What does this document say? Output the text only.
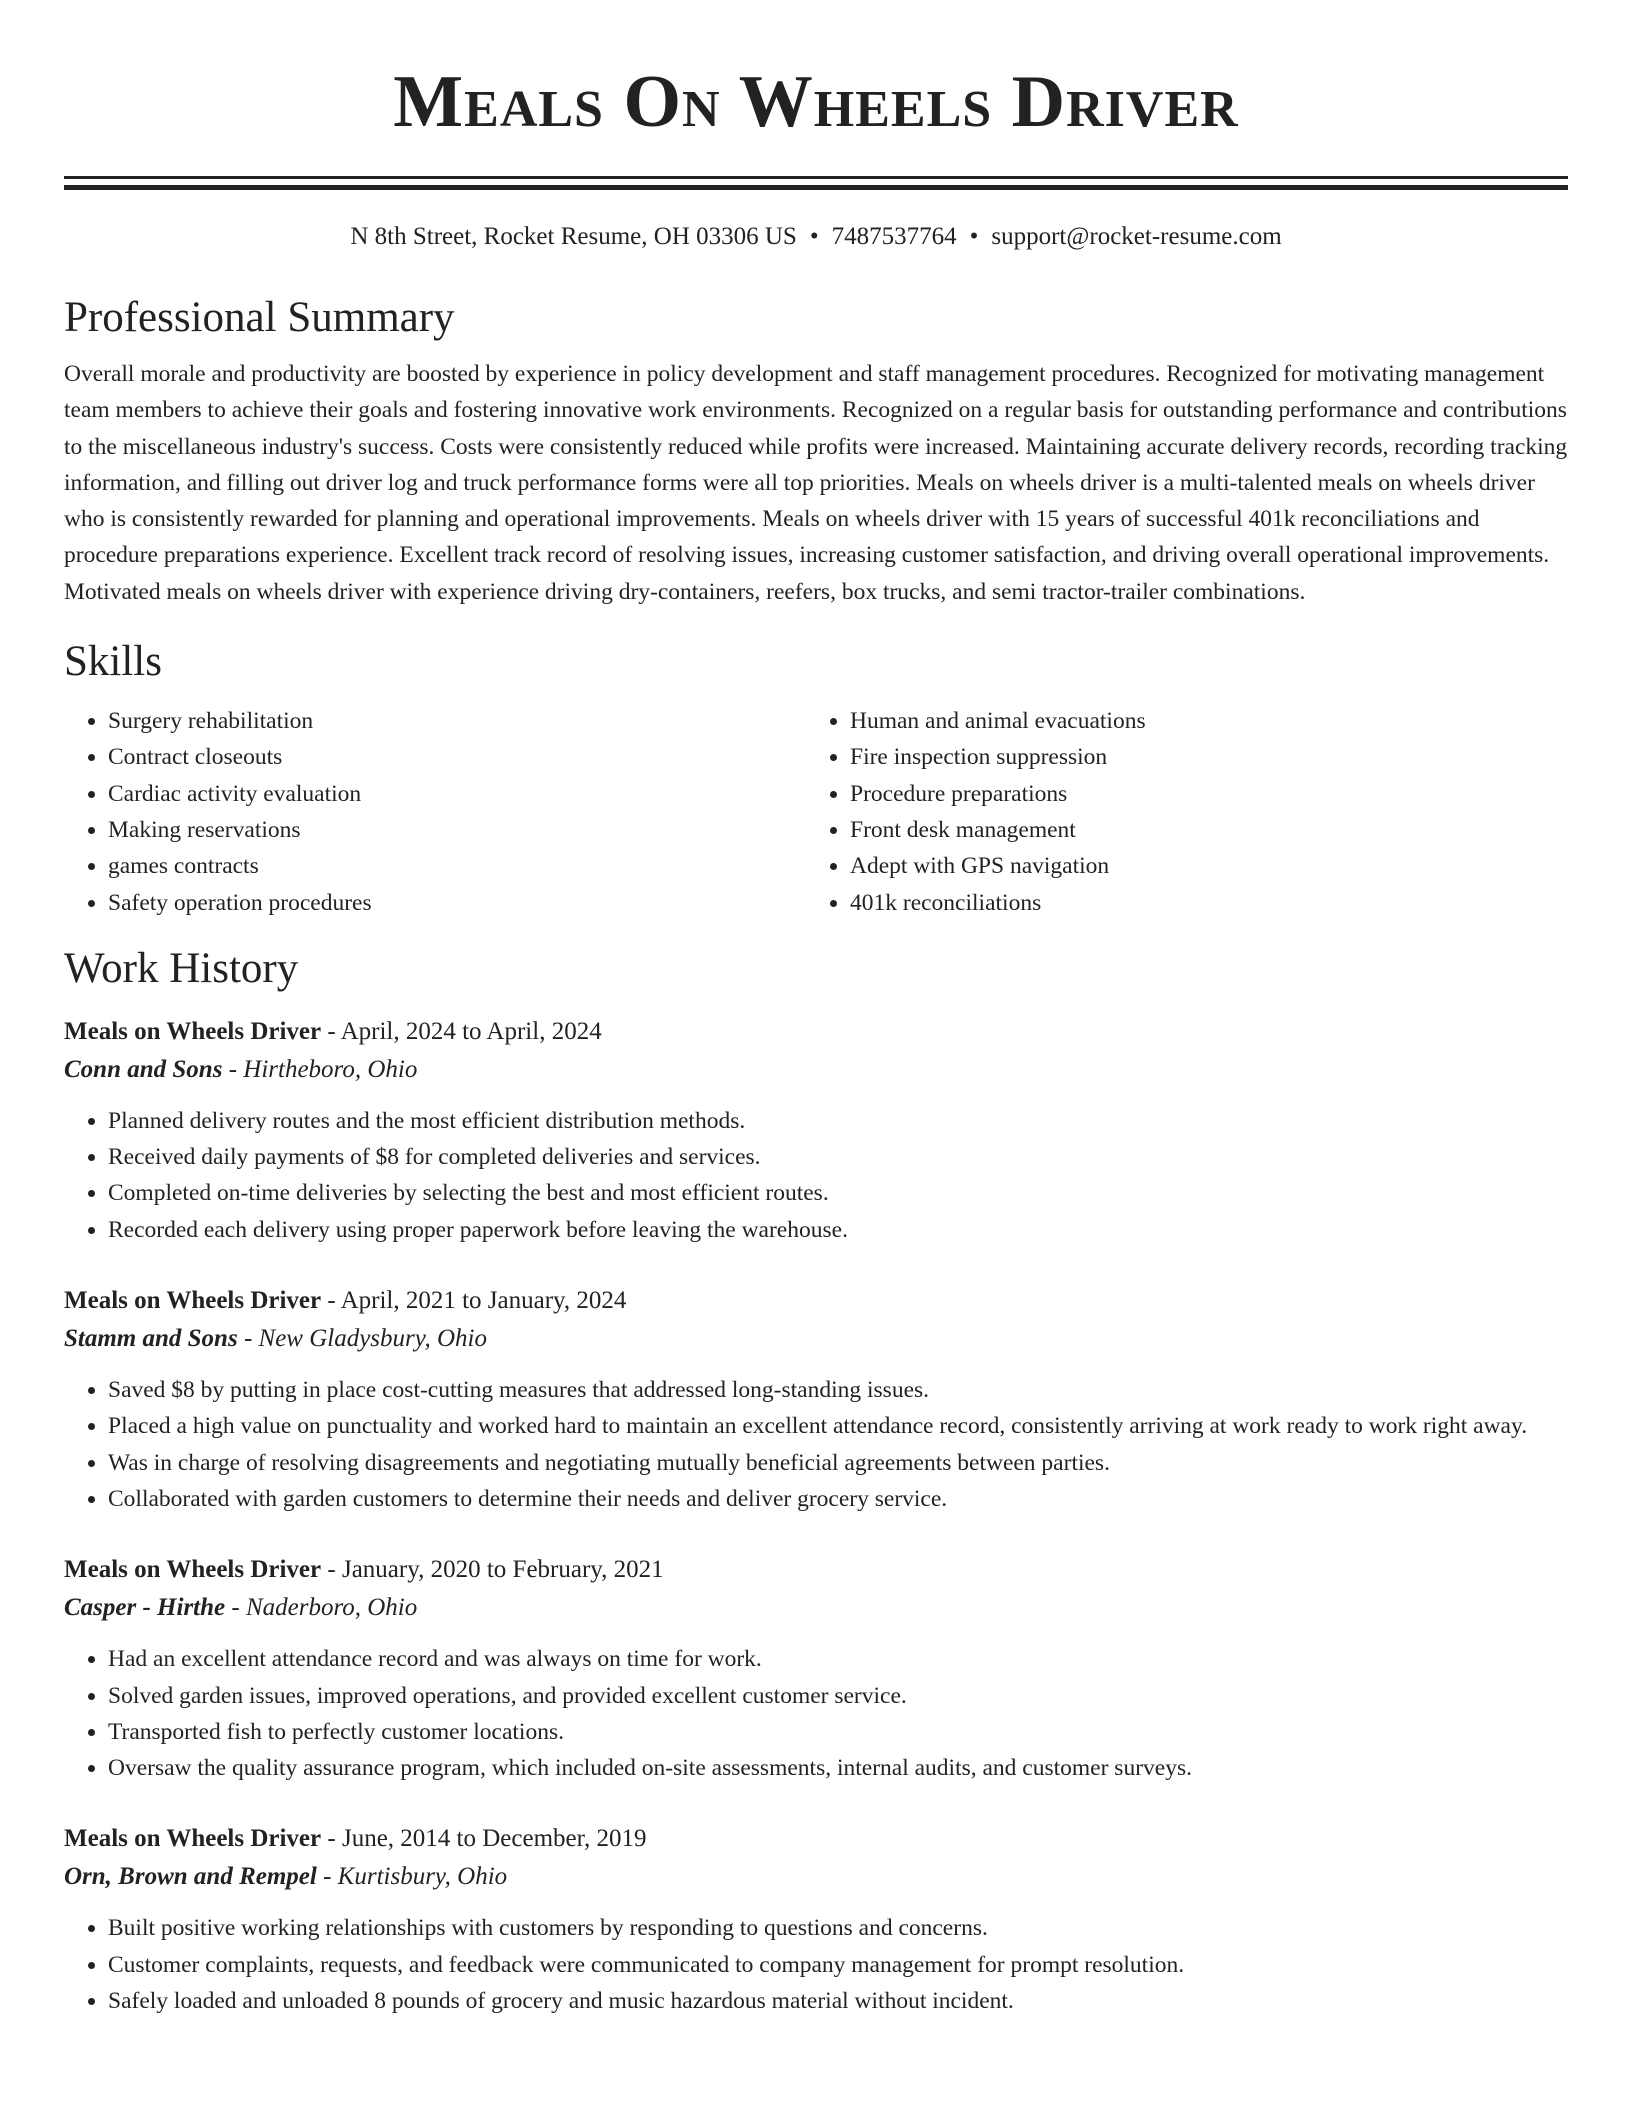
Meals On Wheels Driver
N 8th Street, Rocket Resume, OH 03306 US • 7487537764 • support@rocket-resume.com
Professional Summary
Overall morale and productivity are boosted by experience in policy development and staff management procedures. Recognized for motivating management team members to achieve their goals and fostering innovative work environments. Recognized on a regular basis for outstanding performance and contributions to the miscellaneous industry's success. Costs were consistently reduced while profits were increased. Maintaining accurate delivery records, recording tracking information, and filling out driver log and truck performance forms were all top priorities. Meals on wheels driver is a multi-talented meals on wheels driver who is consistently rewarded for planning and operational improvements. Meals on wheels driver with 15 years of successful 401k reconciliations and procedure preparations experience. Excellent track record of resolving issues, increasing customer satisfaction, and driving overall operational improvements. Motivated meals on wheels driver with experience driving dry-containers, reefers, box trucks, and semi tractor-trailer combinations.
Skills
• Surgery rehabilitation
• Contract closeouts
• Cardiac activity evaluation
• Making reservations
• games contracts
• Safety operation procedures
• Human and animal evacuations
• Fire inspection suppression
• Procedure preparations
• Front desk management
• Adept with GPS navigation
• 401k reconciliations
Work History
Meals on Wheels Driver - April, 2024 to April, 2024
Conn and Sons - Hirtheboro, Ohio
• Planned delivery routes and the most efficient distribution methods.
• Received daily payments of $8 for completed deliveries and services.
• Completed on-time deliveries by selecting the best and most efficient routes.
• Recorded each delivery using proper paperwork before leaving the warehouse.
Meals on Wheels Driver - April, 2021 to January, 2024
Stamm and Sons - New Gladysbury, Ohio
• Saved $8 by putting in place cost-cutting measures that addressed long-standing issues.
• Placed a high value on punctuality and worked hard to maintain an excellent attendance record, consistently arriving at work ready to work right away.
• Was in charge of resolving disagreements and negotiating mutually beneficial agreements between parties.
• Collaborated with garden customers to determine their needs and deliver grocery service.
Meals on Wheels Driver - January, 2020 to February, 2021
Casper - Hirthe - Naderboro, Ohio
• Had an excellent attendance record and was always on time for work.
• Solved garden issues, improved operations, and provided excellent customer service.
• Transported fish to perfectly customer locations.
• Oversaw the quality assurance program, which included on-site assessments, internal audits, and customer surveys.
Meals on Wheels Driver - June, 2014 to December, 2019
Orn, Brown and Rempel - Kurtisbury, Ohio
• Built positive working relationships with customers by responding to questions and concerns.
• Customer complaints, requests, and feedback were communicated to company management for prompt resolution.
• Safely loaded and unloaded 8 pounds of grocery and music hazardous material without incident.
